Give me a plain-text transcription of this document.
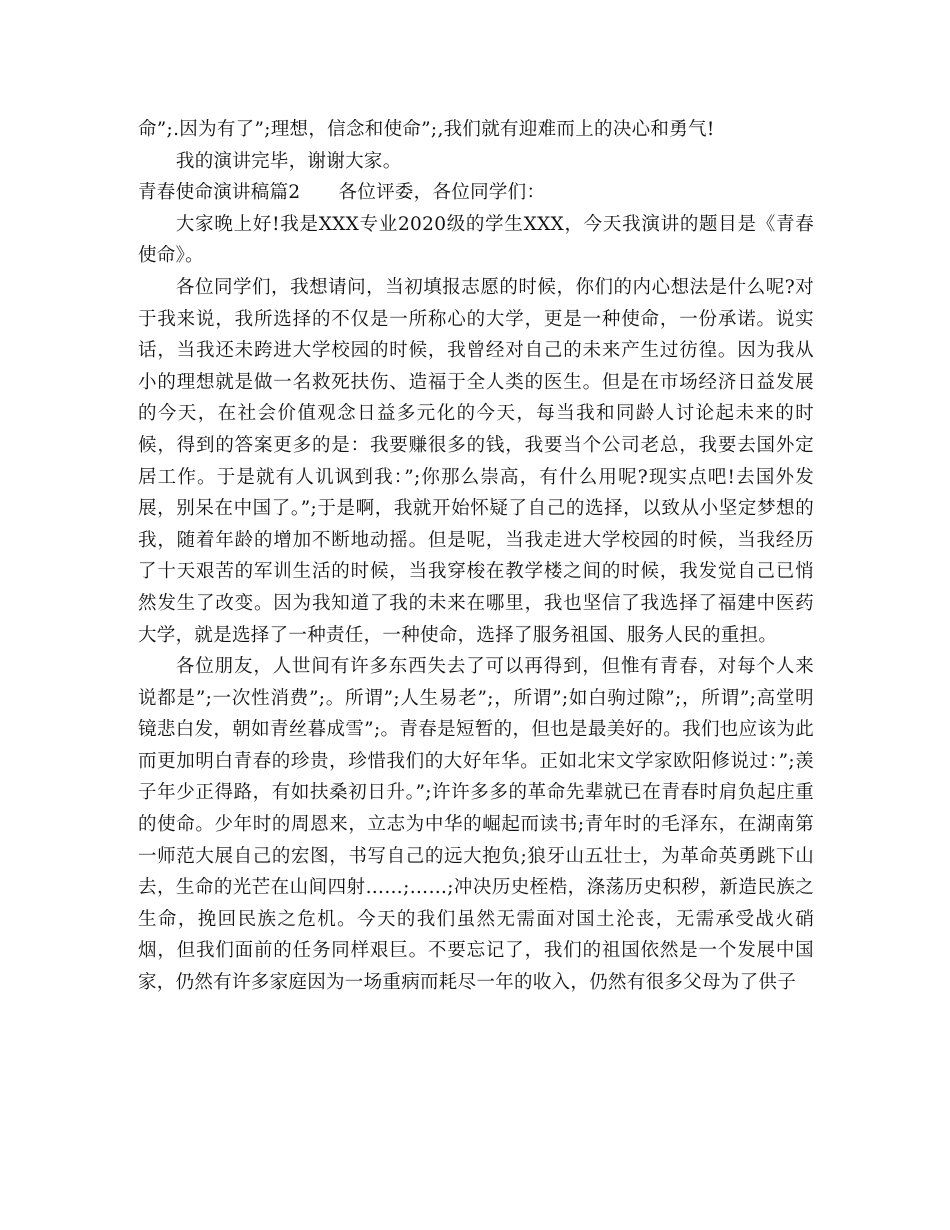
命”;.因为有了”;理想，信念和使命”;,我们就有迎难而上的决心和勇气!

我的演讲完毕，谢谢大家。

青春使命演讲稿篇2 各位评委，各位同学们：

大家晚上好!我是XXX专业2020级的学生XXX，今天我演讲的题目是《青春使命》。

各位同学们，我想请问，当初填报志愿的时候，你们的内心想法是什么呢?对于我来说，我所选择的不仅是一所称心的大学，更是一种使命，一份承诺。说实话，当我还未跨进大学校园的时候，我曾经对自己的未来产生过彷徨。因为我从小的理想就是做一名救死扶伤、造福于全人类的医生。但是在市场经济日益发展的今天，在社会价值观念日益多元化的今天，每当我和同龄人讨论起未来的时候，得到的答案更多的是：我要赚很多的钱，我要当个公司老总，我要去国外定居工作。于是就有人讥讽到我：”;你那么崇高，有什么用呢?现实点吧!去国外发展，别呆在中国了。”;于是啊，我就开始怀疑了自己的选择，以致从小坚定梦想的我，随着年龄的增加不断地动摇。但是呢，当我走进大学校园的时候，当我经历了十天艰苦的军训生活的时候，当我穿梭在教学楼之间的时候，我发觉自己已悄然发生了改变。因为我知道了我的未来在哪里，我也坚信了我选择了福建中医药大学，就是选择了一种责任，一种使命，选择了服务祖国、服务人民的重担。

各位朋友，人世间有许多东西失去了可以再得到，但惟有青春，对每个人来说都是”;一次性消费”;。所谓”;人生易老”;，所谓”;如白驹过隙”;，所谓”;高堂明镜悲白发，朝如青丝暮成雪”;。青春是短暂的，但也是最美好的。我们也应该为此而更加明白青春的珍贵，珍惜我们的大好年华。正如北宋文学家欧阳修说过：”;羡子年少正得路，有如扶桑初日升。”;许许多多的革命先辈就已在青春时肩负起庄重的使命。少年时的周恩来，立志为中华的崛起而读书;青年时的毛泽东，在湖南第一师范大展自己的宏图，书写自己的远大抱负;狼牙山五壮士，为革命英勇跳下山去，生命的光芒在山间四射……;……;冲决历史桎梏，涤荡历史积秽，新造民族之生命，挽回民族之危机。今天的我们虽然无需面对国土沦丧，无需承受战火硝烟，但我们面前的任务同样艰巨。不要忘记了，我们的祖国依然是一个发展中国家，仍然有许多家庭因为一场重病而耗尽一年的收入，仍然有很多父母为了供子
